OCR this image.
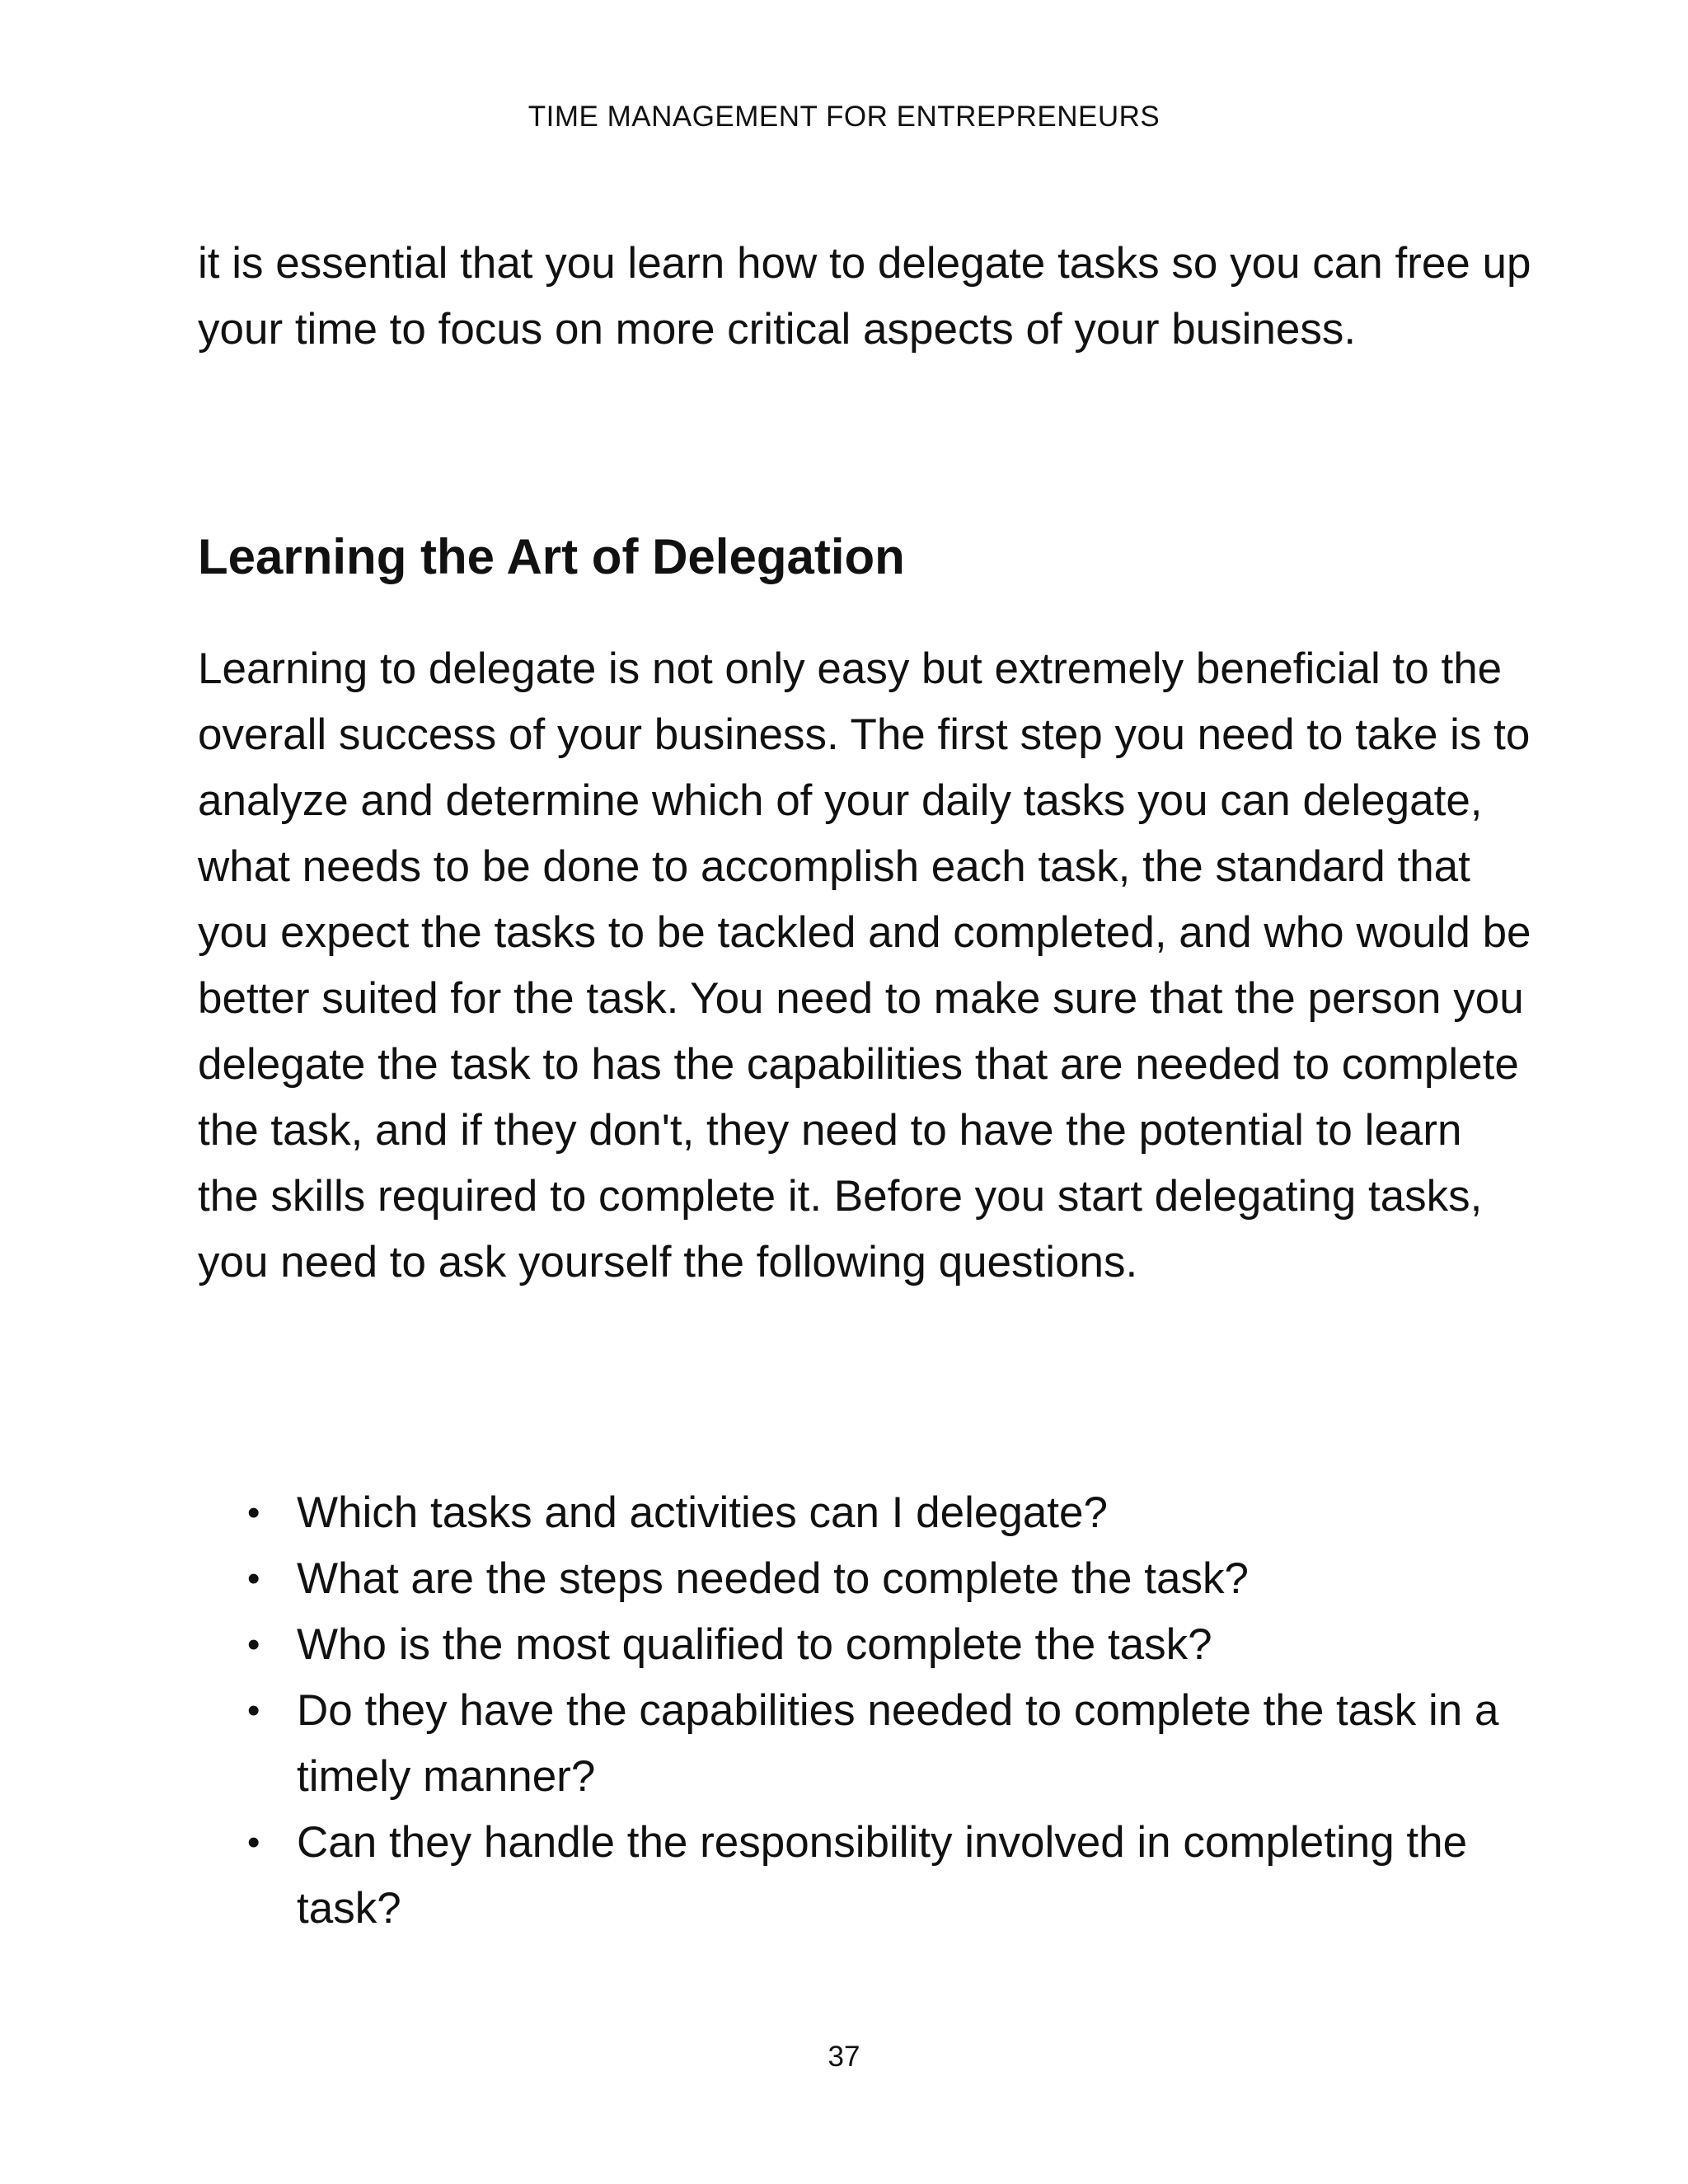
TIME MANAGEMENT FOR ENTREPRENEURS

it is essential that you learn how to delegate tasks so you can free up your time to focus on more critical aspects of your business.

Learning the Art of Delegation

Learning to delegate is not only easy but extremely beneficial to the overall success of your business. The first step you need to take is to analyze and determine which of your daily tasks you can delegate, what needs to be done to accomplish each task, the standard that you expect the tasks to be tackled and completed, and who would be better suited for the task. You need to make sure that the person you delegate the task to has the capabilities that are needed to complete the task, and if they don't, they need to have the potential to learn the skills required to complete it. Before you start delegating tasks, you need to ask yourself the following questions.

• Which tasks and activities can I delegate?
• What are the steps needed to complete the task?
• Who is the most qualified to complete the task?
• Do they have the capabilities needed to complete the task in a timely manner?
• Can they handle the responsibility involved in completing the task?
37
